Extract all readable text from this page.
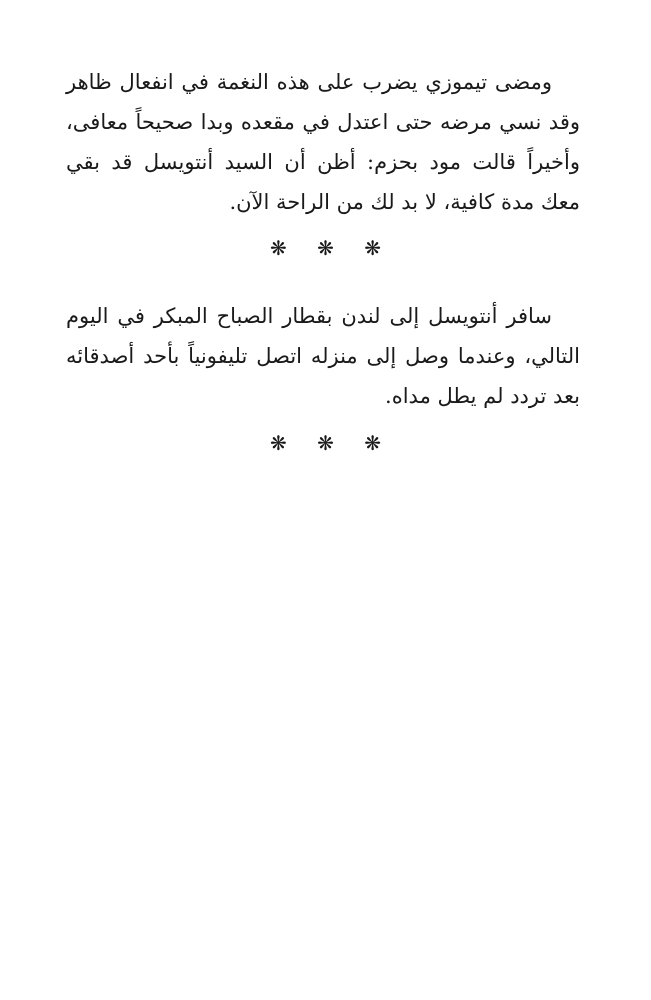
ومضى تيموزي يضرب على هذه النغمة في انفعال ظاهر وقد نسي مرضه حتى اعتدل في مقعده وبدا صحيحاً معافى، وأخيراً قالت مود بحزم: أظن أن السيد أنتويسل قد بقي معك مدة كافية، لا بد لك من الراحة الآن.

❋ ❋ ❋

سافر أنتويسل إلى لندن بقطار الصباح المبكر في اليوم التالي، وعندما وصل إلى منزله اتصل تليفونياً بأحد أصدقائه بعد تردد لم يطل مداه.

❋ ❋ ❋
